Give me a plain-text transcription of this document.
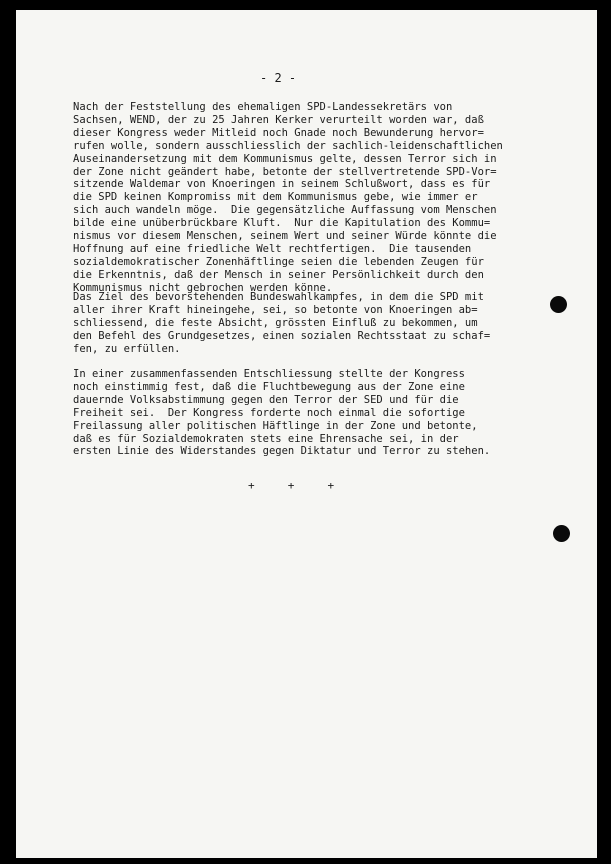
- 2 -
Nach der Feststellung des ehemaligen SPD-Landessekretärs von
Sachsen, WEND, der zu 25 Jahren Kerker verurteilt worden war, daß
dieser Kongress weder Mitleid noch Gnade noch Bewunderung hervor=
rufen wolle, sondern ausschliesslich der sachlich-leidenschaftlichen
Auseinandersetzung mit dem Kommunismus gelte, dessen Terror sich in
der Zone nicht geändert habe, betonte der stellvertretende SPD-Vor=
sitzende Waldemar von Knoeringen in seinem Schlußwort, dass es für
die SPD keinen Kompromiss mit dem Kommunismus gebe, wie immer er
sich auch wandeln möge.  Die gegensätzliche Auffassung vom Menschen
bilde eine unüberbrückbare Kluft.  Nur die Kapitulation des Kommu=
nismus vor diesem Menschen, seinem Wert und seiner Würde könnte die
Hoffnung auf eine friedliche Welt rechtfertigen.  Die tausenden
sozialdemokratischer Zonenhäftlinge seien die lebenden Zeugen für
die Erkenntnis, daß der Mensch in seiner Persönlichkeit durch den
Kommunismus nicht gebrochen werden könne.
Das Ziel des bevorstehenden Bundeswahlkampfes, in dem die SPD mit
aller ihrer Kraft hineingehe, sei, so betonte von Knoeringen ab=
schliessend, die feste Absicht, grössten Einfluß zu bekommen, um
den Befehl des Grundgesetzes, einen sozialen Rechtsstaat zu schaf=
fen, zu erfüllen.
In einer zusammenfassenden Entschliessung stellte der Kongress
noch einstimmig fest, daß die Fluchtbewegung aus der Zone eine
dauernde Volksabstimmung gegen den Terror der SED und für die
Freiheit sei.  Der Kongress forderte noch einmal die sofortige
Freilassung aller politischen Häftlinge in der Zone und betonte,
daß es für Sozialdemokraten stets eine Ehrensache sei, in der
ersten Linie des Widerstandes gegen Diktatur und Terror zu stehen.
+     +     +
